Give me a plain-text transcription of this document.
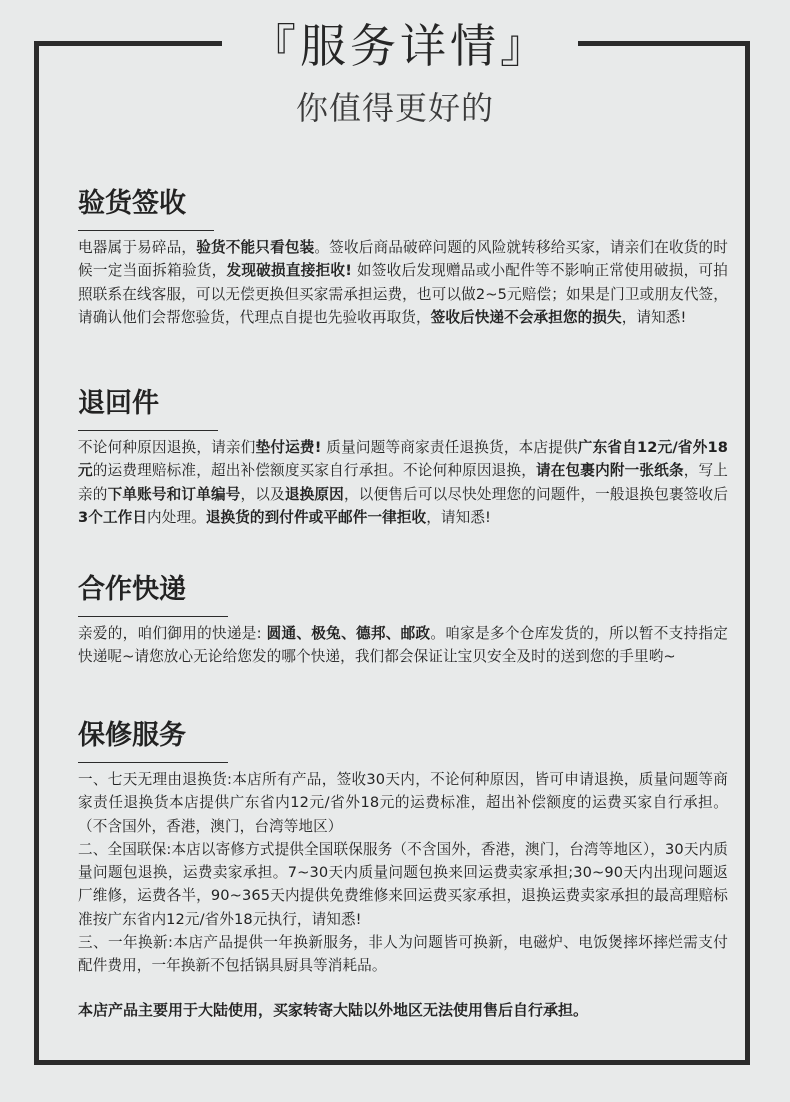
『服务详情』
你值得更好的
验货签收

电器属于易碎品，验货不能只看包装。签收后商品破碎问题的风险就转移给买家，请亲们在收货的时候一定当面拆箱验货，发现破损直接拒收! 如签收后发现赠品或小配件等不影响正常使用破损，可拍照联系在线客服，可以无偿更换但买家需承担运费，也可以做2~5元赔偿；如果是门卫或朋友代签，请确认他们会帮您验货，代理点自提也先验收再取货，签收后快递不会承担您的损失，请知悉!

退回件

不论何种原因退换，请亲们垫付运费! 质量问题等商家责任退换货，本店提供广东省自12元/省外18元的运费理赔标准，超出补偿额度买家自行承担。不论何种原因退换，请在包裹内附一张纸条，写上亲的下单账号和订单编号，以及退换原因，以便售后可以尽快处理您的问题件，一般退换包裹签收后3个工作日内处理。退换货的到付件或平邮件一律拒收，请知悉!

合作快递

亲爱的，咱们御用的快递是: 圆通、极兔、德邦、邮政。咱家是多个仓库发货的，所以暂不支持指定快递呢~请您放心无论给您发的哪个快递，我们都会保证让宝贝安全及时的送到您的手里哟~

保修服务

一、七天无理由退换货:本店所有产品，签收30天内，不论何种原因，皆可申请退换，质量问题等商家责任退换货本店提供广东省内12元/省外18元的运费标准，超出补偿额度的运费买家自行承担。（不含国外，香港，澳门，台湾等地区）
二、全国联保:本店以寄修方式提供全国联保服务（不含国外，香港，澳门，台湾等地区），30天内质量问题包退换，运费卖家承担。7~30天内质量问题包换来回运费卖家承担;30~90天内出现问题返厂维修，运费各半，90~365天内提供免费维修来回运费买家承担，退换运费卖家承担的最高理赔标准按广东省内12元/省外18元执行，请知悉!
三、一年换新:本店产品提供一年换新服务，非人为问题皆可换新，电磁炉、电饭煲摔坏摔烂需支付配件费用，一年换新不包括锅具厨具等消耗品。

本店产品主要用于大陆使用，买家转寄大陆以外地区无法使用售后自行承担。
